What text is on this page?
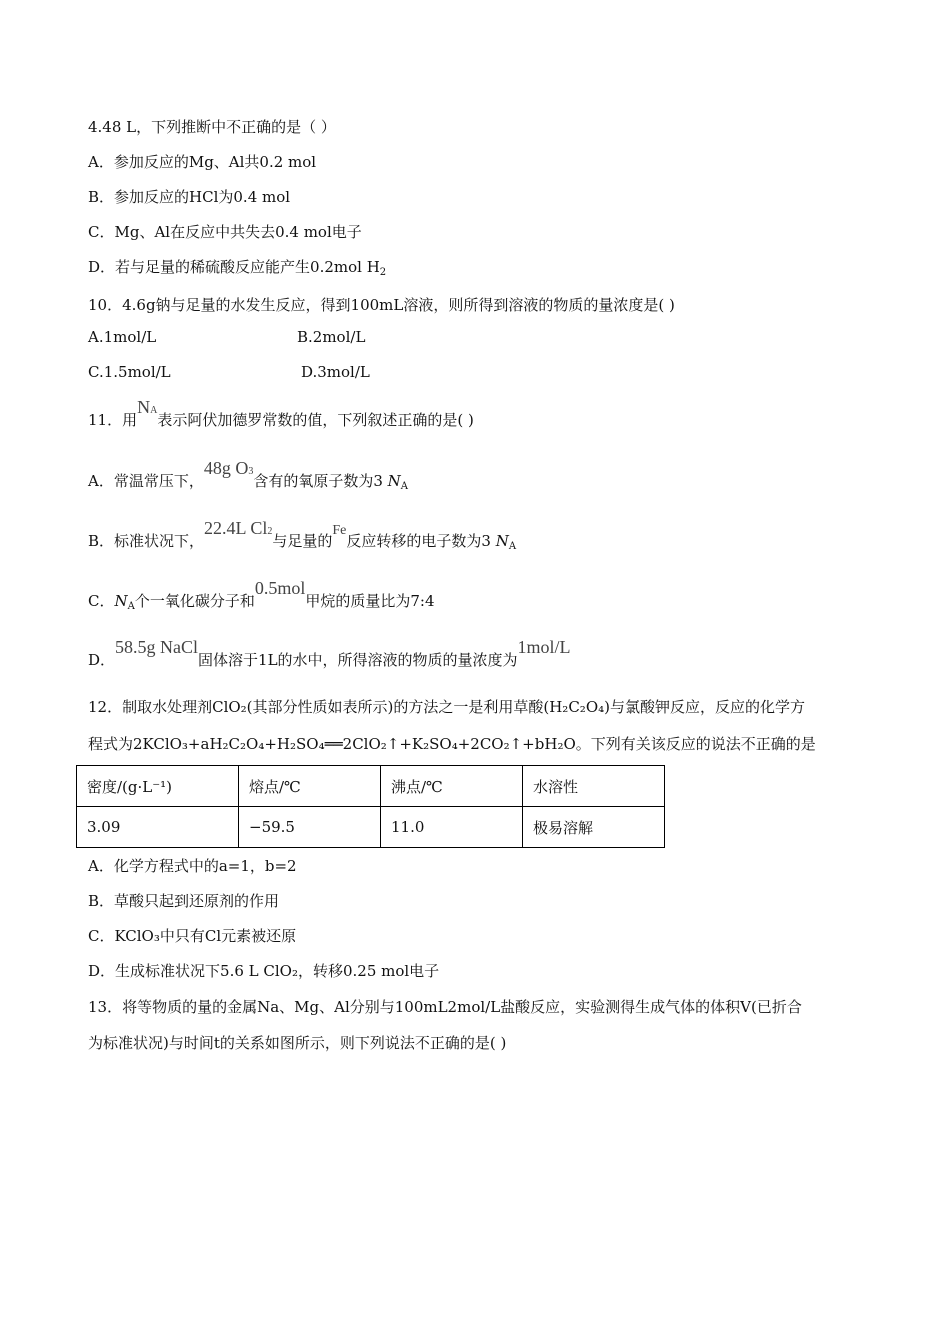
4.48 L，下列推断中不正确的是（ ）
A．参加反应的Mg、Al共0.2 mol
B．参加反应的HCl为0.4 mol
C．Mg、Al在反应中共失去0.4 mol电子
D．若与足量的稀硫酸反应能产生0.2mol $H_2$
10．4.6g钠与足量的水发生反应，得到100mL溶液，则所得到溶液的物质的量浓度是( )
A.1mol/L	B.2mol/L
C.1.5mol/L	D.3mol/L
11．用NA表示阿伏加德罗常数的值，下列叙述正确的是( )
A．常温常压下，48g O3含有的氧原子数为3 $N_A$
B．标准状况下，22.4L Cl2与足量的Fe反应转移的电子数为3 $N_A$
C．$N_A$个一氧化碳分子和0.5mol甲烷的质量比为7:4
D．58.5g NaCl固体溶于1L的水中，所得溶液的物质的量浓度为1mol/L
12．制取水处理剂ClO₂(其部分性质如表所示)的方法之一是利用草酸(H₂C₂O₄)与氯酸钾反应，反应的化学方
程式为2KClO₃+aH₂C₂O₄+H₂SO₄══2ClO₂↑+K₂SO₄+2CO₂↑+bH₂O。下列有关该反应的说法不正确的是
密度/(g·L⁻¹)	熔点/℃	沸点/℃	水溶性
3.09	−59.5	11.0	极易溶解
A．化学方程式中的a=1，b=2
B．草酸只起到还原剂的作用
C．KClO₃中只有Cl元素被还原
D．生成标准状况下5.6 L ClO₂，转移0.25 mol电子
13．将等物质的量的金属Na、Mg、Al分别与100mL2mol/L盐酸反应，实验测得生成气体的体积V(已折合
为标准状况)与时间t的关系如图所示，则下列说法不正确的是( )
